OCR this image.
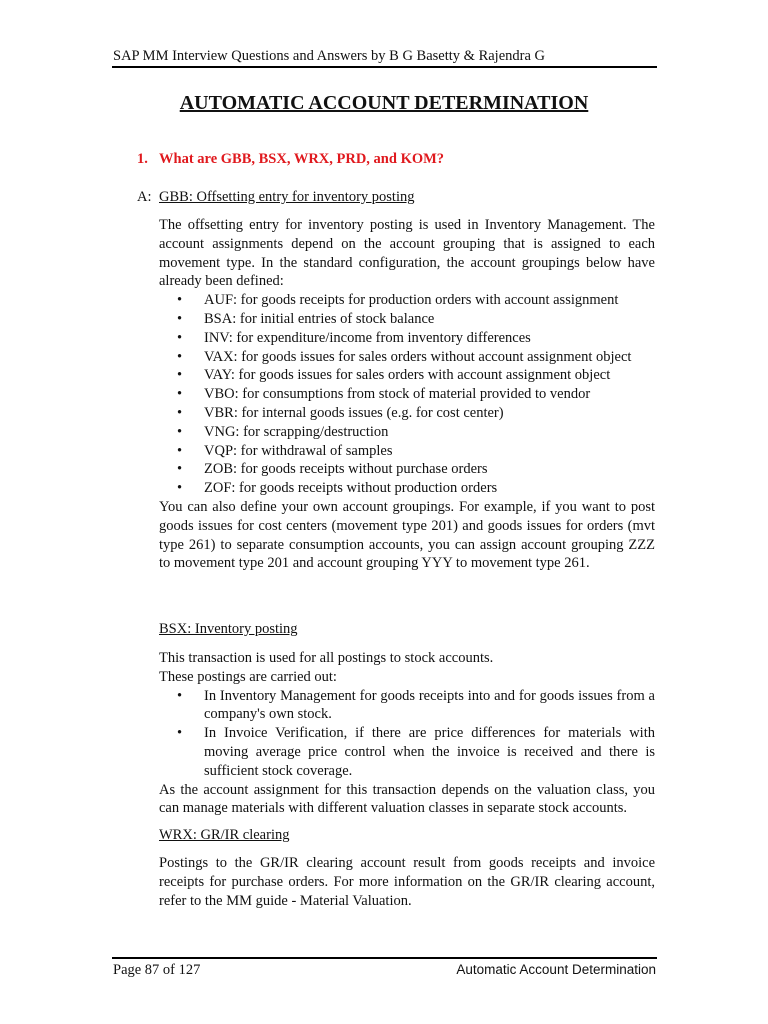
SAP MM Interview Questions and Answers by B G Basetty & Rajendra G
AUTOMATIC ACCOUNT DETERMINATION
1. What are GBB, BSX, WRX, PRD, and KOM?
A: GBB: Offsetting entry for inventory posting

The offsetting entry for inventory posting is used in Inventory Management. The account assignments depend on the account grouping that is assigned to each movement type. In the standard configuration, the account groupings below have already been defined:

• AUF: for goods receipts for production orders with account assignment
• BSA: for initial entries of stock balance
• INV: for expenditure/income from inventory differences
• VAX: for goods issues for sales orders without account assignment object
• VAY: for goods issues for sales orders with account assignment object
• VBO: for consumptions from stock of material provided to vendor
• VBR: for internal goods issues (e.g. for cost center)
• VNG: for scrapping/destruction
• VQP: for withdrawal of samples
• ZOB: for goods receipts without purchase orders
• ZOF: for goods receipts without production orders

You can also define your own account groupings. For example, if you want to post goods issues for cost centers (movement type 201) and goods issues for orders (mvt type 261) to separate consumption accounts, you can assign account grouping ZZZ to movement type 201 and account grouping YYY to movement type 261.

BSX: Inventory posting

This transaction is used for all postings to stock accounts.

These postings are carried out:

• In Inventory Management for goods receipts into and for goods issues from a company's own stock.
• In Invoice Verification, if there are price differences for materials with moving average price control when the invoice is received and there is sufficient stock coverage.

As the account assignment for this transaction depends on the valuation class, you can manage materials with different valuation classes in separate stock accounts.

WRX: GR/IR clearing

Postings to the GR/IR clearing account result from goods receipts and invoice receipts for purchase orders. For more information on the GR/IR clearing account, refer to the MM guide - Material Valuation.

Page 87 of 127	Automatic Account Determination
